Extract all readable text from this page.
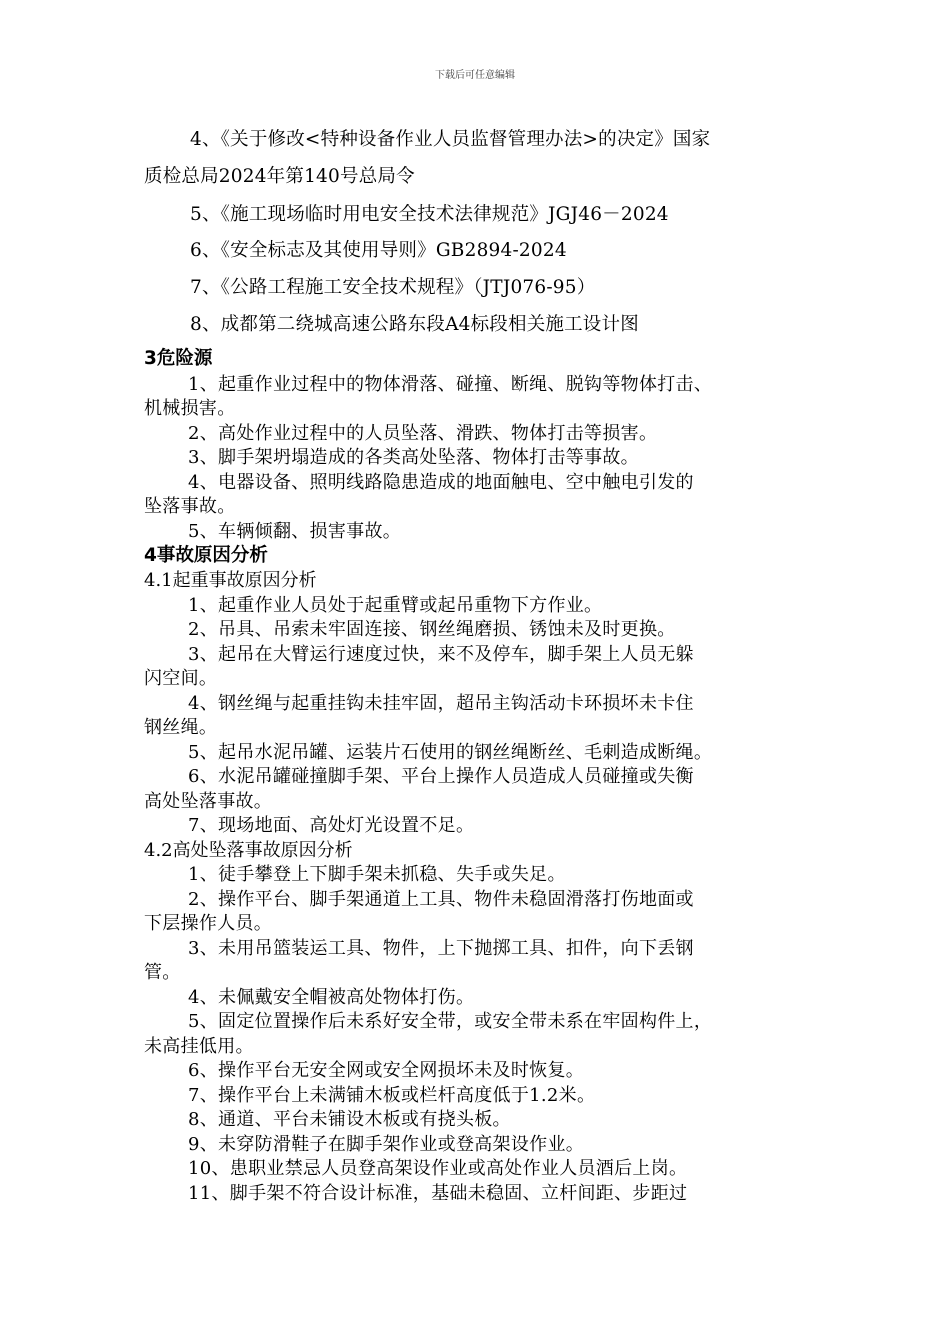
下载后可任意编辑
4、《关于修改<特种设备作业人员监督管理办法>的决定》国家
质检总局2024年第140号总局令
5、《施工现场临时用电安全技术法律规范》JGJ46－2024
6、《安全标志及其使用导则》GB2894-2024
7、《公路工程施工安全技术规程》（JTJ076-95）
8、成都第二绕城高速公路东段A4标段相关施工设计图
3危险源
1、起重作业过程中的物体滑落、碰撞、断绳、脱钩等物体打击、
机械损害。
2、高处作业过程中的人员坠落、滑跌、物体打击等损害。
3、脚手架坍塌造成的各类高处坠落、物体打击等事故。
4、电器设备、照明线路隐患造成的地面触电、空中触电引发的
坠落事故。
5、车辆倾翻、损害事故。
4事故原因分析
4.1起重事故原因分析
1、起重作业人员处于起重臂或起吊重物下方作业。
2、吊具、吊索未牢固连接、钢丝绳磨损、锈蚀未及时更换。
3、起吊在大臂运行速度过快，来不及停车，脚手架上人员无躲
闪空间。
4、钢丝绳与起重挂钩未挂牢固，超吊主钩活动卡环损坏未卡住
钢丝绳。
5、起吊水泥吊罐、运装片石使用的钢丝绳断丝、毛刺造成断绳。
6、水泥吊罐碰撞脚手架、平台上操作人员造成人员碰撞或失衡
高处坠落事故。
7、现场地面、高处灯光设置不足。
4.2高处坠落事故原因分析
1、徒手攀登上下脚手架未抓稳、失手或失足。
2、操作平台、脚手架通道上工具、物件未稳固滑落打伤地面或
下层操作人员。
3、未用吊篮装运工具、物件，上下抛掷工具、扣件，向下丢钢
管。
4、未佩戴安全帽被高处物体打伤。
5、固定位置操作后未系好安全带，或安全带未系在牢固构件上，
未高挂低用。
6、操作平台无安全网或安全网损坏未及时恢复。
7、操作平台上未满铺木板或栏杆高度低于1.2米。
8、通道、平台未铺设木板或有挠头板。
9、未穿防滑鞋子在脚手架作业或登高架设作业。
10、患职业禁忌人员登高架设作业或高处作业人员酒后上岗。
11、脚手架不符合设计标准，基础未稳固、立杆间距、步距过
